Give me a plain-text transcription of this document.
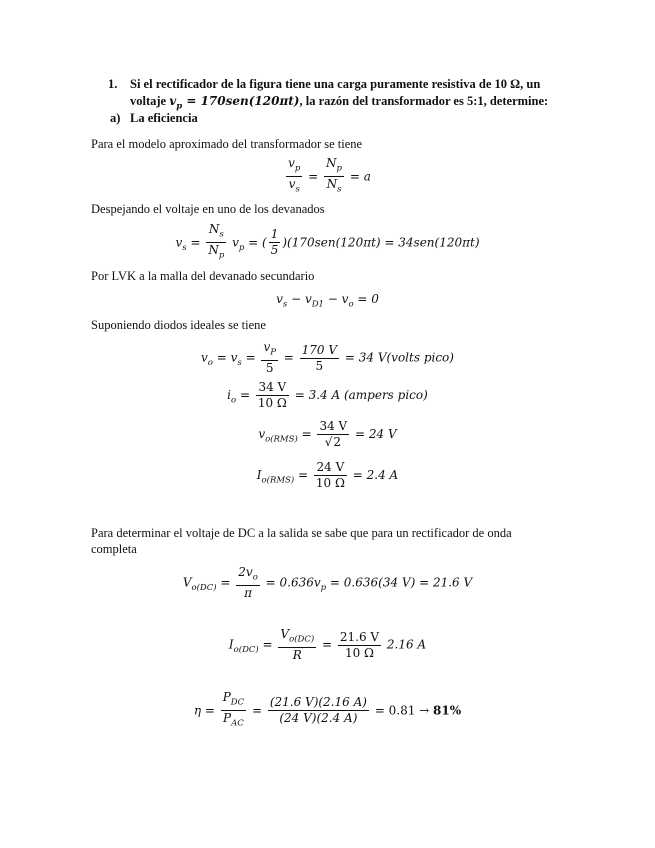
1. Si el rectificador de la figura tiene una carga puramente resistiva de 10 Ω, un
voltaje $v_p = 170sen(120\pi t)$, la razón del transformador es 5:1, determine:
a) La eficiencia
Para el modelo aproximado del transformador se tiene
$\frac{v_p}{v_s} = \frac{N_p}{N_s} = a$
Despejando el voltaje en uno de los devanados
$v_s = \frac{N_s}{N_p} v_p$ = ( $\frac{1}{5} )(170sen(120\pi t) = 34sen(120\pi t)$
Por LVK a la malla del devanado secundario
$v_s - v_{D1} - v_o = 0$
Suponiendo diodos ideales se tiene
$v_o = v_s = \frac{v_P}{5} = \frac{170 V}{5} = 34$ V(volts pico)
$i_o = \frac{34 V}{10 \Omega} = 3.4$ A (ampers pico)
$v_{o(RMS)} = \frac{34 V}{√2} = 24$ V
$I_{o(RMS)} = \frac{24 V}{10 \Omega} = 2.4$ A
Para determinar el voltaje de DC a la salida se sabe que para un rectificador de onda
completa
$V_{o(DC)} = \frac{2v_o}{\pi} = 0.636v_p = 0.636(34$ V) = 21.6 V
$I_{o(DC)} = \frac{V_{o(DC)}}{R} = \frac{21.6 V}{10 \Omega} 2.16$ A
$\eta = \frac{P_{DC}}{P_{AC}} = \frac{(21.6 V)(2.16 A)}{(24 V)(2.4 A)} = 0.81 \to 81\%$
